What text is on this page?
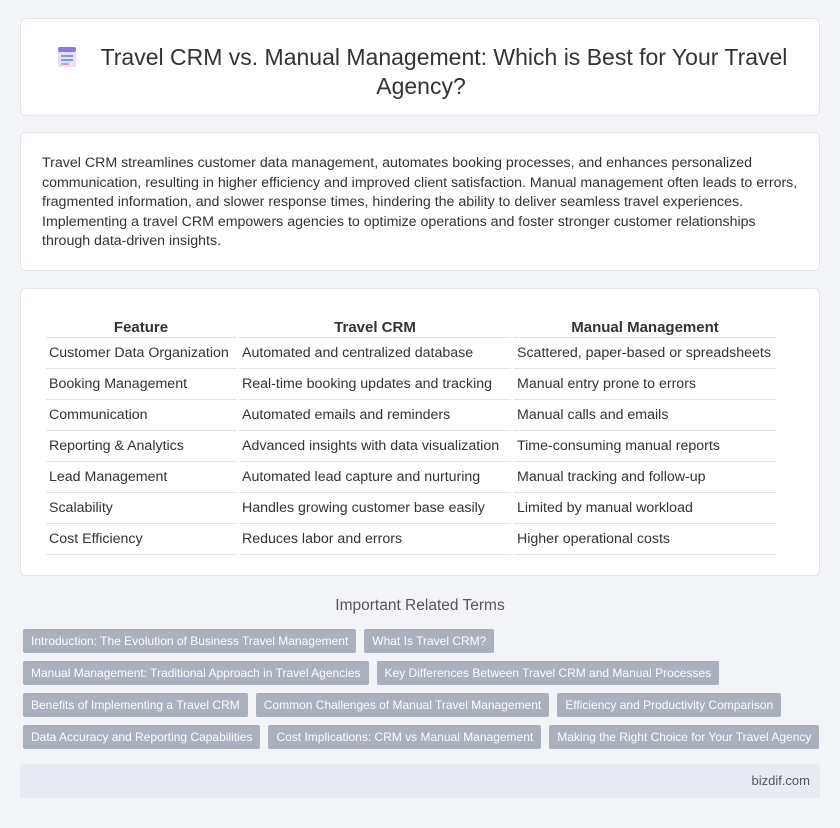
Travel CRM vs. Manual Management: Which is Best for Your Travel Agency?

Travel CRM streamlines customer data management, automates booking processes, and enhances personalized communication, resulting in higher efficiency and improved client satisfaction. Manual management often leads to errors, fragmented information, and slower response times, hindering the ability to deliver seamless travel experiences. Implementing a travel CRM empowers agencies to optimize operations and foster stronger customer relationships through data-driven insights.

Feature	Travel CRM	Manual Management
Customer Data Organization	Automated and centralized database	Scattered, paper-based or spreadsheets
Booking Management	Real-time booking updates and tracking	Manual entry prone to errors
Communication	Automated emails and reminders	Manual calls and emails
Reporting & Analytics	Advanced insights with data visualization	Time-consuming manual reports
Lead Management	Automated lead capture and nurturing	Manual tracking and follow-up
Scalability	Handles growing customer base easily	Limited by manual workload
Cost Efficiency	Reduces labor and errors	Higher operational costs
Important Related Terms
Introduction: The Evolution of Business Travel Management	What Is Travel CRM?
Manual Management: Traditional Approach in Travel Agencies	Key Differences Between Travel CRM and Manual Processes
Benefits of Implementing a Travel CRM	Common Challenges of Manual Travel Management	Efficiency and Productivity Comparison
Data Accuracy and Reporting Capabilities	Cost Implications: CRM vs Manual Management	Making the Right Choice for Your Travel Agency
bizdif.com
